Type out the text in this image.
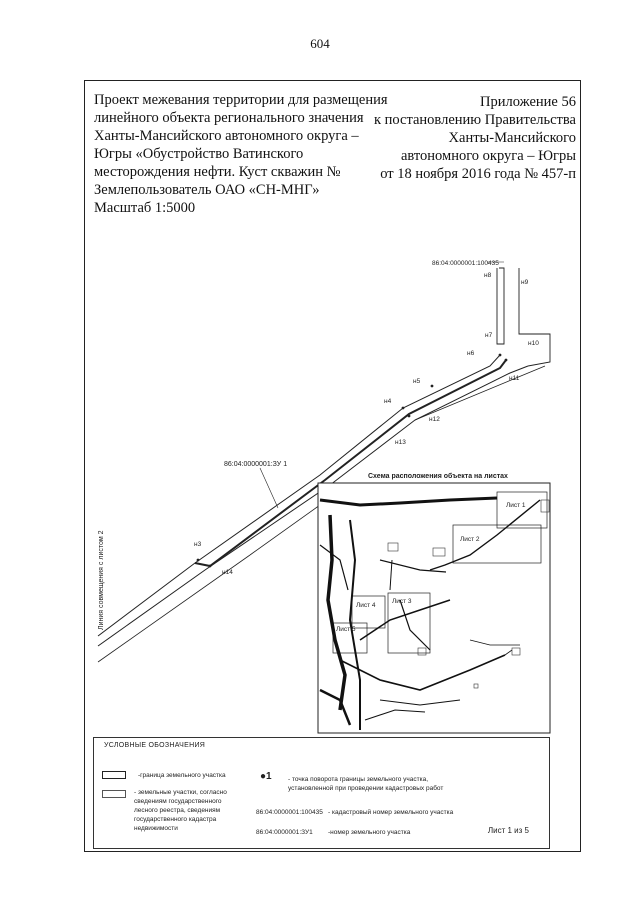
604
Проект межевания территории для размещения
линейного объекта регионального значения
Ханты-Мансийского автономного округа –
Югры «Обустройство Ватинского
месторождения нефти. Куст скважин №
Землепользователь ОАО «СН-МНГ»
Масштаб 1:5000
Приложение 56
к постановлению Правительства
Ханты-Мансийского
автономного округа – Югры
от 18 ноября 2016 года № 457-п
86:04:0000001:100435
86:04:0000001:ЗУ 1
Линия совмещения с листом 2	н3
н14
н4
н13
н5
н12
н6
н7
н8
н9
н10
н11
Схема расположения объекта на листах
Лист 1
Лист 2
Лист 3
Лист 4
Лист 5
УСЛОВНЫЕ ОБОЗНАЧЕНИЯ
-граница земельного участка
- земельные участки, согласно
сведениям государственного
лесного реестра, сведениям
государственного кадастра
недвижимости
●1	- точка поворота границы земельного участка,
установленной при проведении кадастровых работ
86:04:0000001:100435 - кадастровый номер земельного участка
86:04:0000001:ЗУ1 -номер земельного участка	Лист 1 из 5
